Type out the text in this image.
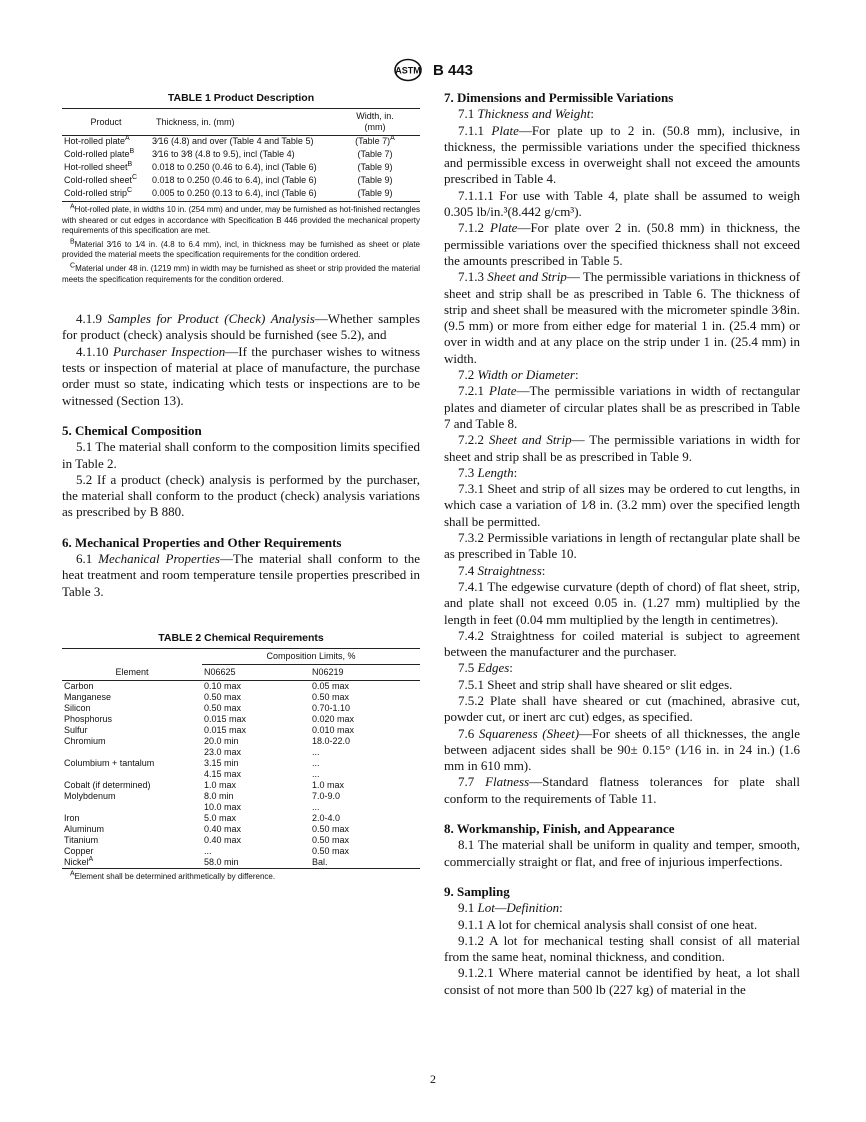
ASTM B 443
TABLE 1 Product Description
Product	Thickness, in. (mm)	Width, in.
(mm)
Hot-rolled plate$^A$	3⁄16 (4.8) and over (Table 4 and Table 5)	(Table 7)$^A$
Cold-rolled plate$^B$	3⁄16 to 3⁄8 (4.8 to 9.5), incl (Table 4)	(Table 7)
Hot-rolled sheet$^B$	0.018 to 0.250 (0.46 to 6.4), incl (Table 6)	(Table 9)
Cold-rolled sheet$^C$	0.018 to 0.250 (0.46 to 6.4), incl (Table 6)	(Table 9)
Cold-rolled strip$^C$	0.005 to 0.250 (0.13 to 6.4), incl (Table 6)	(Table 9)

$^A$Hot-rolled plate, in widths 10 in. (254 mm) and under, may be furnished as hot-finished rectangles with sheared or cut edges in accordance with Specification B 446 provided the mechanical property requirements of this specification are met.

$^B$Material 3⁄16 to 1⁄4 in. (4.8 to 6.4 mm), incl, in thickness may be furnished as sheet or plate provided the material meets the specification requirements for the condition ordered.

$^C$Material under 48 in. (1219 mm) in width may be furnished as sheet or strip provided the material meets the specification requirements for the condition ordered.

4.1.9 Samples for Product (Check) Analysis—Whether samples for product (check) analysis should be furnished (see 5.2), and

4.1.10 Purchaser Inspection—If the purchaser wishes to witness tests or inspection of material at place of manufacture, the purchase order must so state, indicating which tests or inspections are to be witnessed (Section 13).

5. Chemical Composition

5.1 The material shall conform to the composition limits specified in Table 2.

5.2 If a product (check) analysis is performed by the purchaser, the material shall conform to the product (check) analysis variations as prescribed by B 880.

6. Mechanical Properties and Other Requirements

6.1 Mechanical Properties—The material shall conform to the heat treatment and room temperature tensile properties prescribed in Table 3.

TABLE 2 Chemical Requirements
Element	Composition Limits, %	
	N06625	N06219
Carbon	0.10 max	0.05 max
Manganese	0.50 max	0.50 max
Silicon	0.50 max	0.70-1.10
Phosphorus	0.015 max	0.020 max
Sulfur	0.015 max	0.010 max
Chromium	20.0 min	18.0-22.0
	23.0 max	...
Columbium + tantalum	3.15 min	...
	4.15 max	...
Cobalt (if determined)	1.0 max	1.0 max
Molybdenum	8.0 min	7.0-9.0
	10.0 max	...
Iron	5.0 max	2.0-4.0
Aluminum	0.40 max	0.50 max
Titanium	0.40 max	0.50 max
Copper	...	0.50 max
Nickel$^A$	58.0 min	Bal.

$^A$Element shall be determined arithmetically by difference.

7. Dimensions and Permissible Variations

7.1 Thickness and Weight:

7.1.1 Plate—For plate up to 2 in. (50.8 mm), inclusive, in thickness, the permissible variations under the specified thickness and permissible excess in overweight shall not exceed the amounts prescribed in Table 4.

7.1.1.1 For use with Table 4, plate shall be assumed to weigh 0.305 lb/in.³(8.442 g/cm³).

7.1.2 Plate—For plate over 2 in. (50.8 mm) in thickness, the permissible variations over the specified thickness shall not exceed the amounts prescribed in Table 5.

7.1.3 Sheet and Strip— The permissible variations in thickness of sheet and strip shall be as prescribed in Table 6. The thickness of strip and sheet shall be measured with the micrometer spindle 3⁄8in. (9.5 mm) or more from either edge for material 1 in. (25.4 mm) or over in width and at any place on the strip under 1 in. (25.4 mm) in width.

7.2 Width or Diameter:

7.2.1 Plate—The permissible variations in width of rectangular plates and diameter of circular plates shall be as prescribed in Table 7 and Table 8.

7.2.2 Sheet and Strip— The permissible variations in width for sheet and strip shall be as prescribed in Table 9.

7.3 Length:

7.3.1 Sheet and strip of all sizes may be ordered to cut lengths, in which case a variation of 1⁄8 in. (3.2 mm) over the specified length shall be permitted.

7.3.2 Permissible variations in length of rectangular plate shall be as prescribed in Table 10.

7.4 Straightness:

7.4.1 The edgewise curvature (depth of chord) of flat sheet, strip, and plate shall not exceed 0.05 in. (1.27 mm) multiplied by the length in feet (0.04 mm multiplied by the length in centimetres).

7.4.2 Straightness for coiled material is subject to agreement between the manufacturer and the purchaser.

7.5 Edges:

7.5.1 Sheet and strip shall have sheared or slit edges.

7.5.2 Plate shall have sheared or cut (machined, abrasive cut, powder cut, or inert arc cut) edges, as specified.

7.6 Squareness (Sheet)—For sheets of all thicknesses, the angle between adjacent sides shall be 90± 0.15° (1⁄16 in. in 24 in.) (1.6 mm in 610 mm).

7.7 Flatness—Standard flatness tolerances for plate shall conform to the requirements of Table 11.

8. Workmanship, Finish, and Appearance

8.1 The material shall be uniform in quality and temper, smooth, commercially straight or flat, and free of injurious imperfections.

9. Sampling

9.1 Lot—Definition:

9.1.1 A lot for chemical analysis shall consist of one heat.

9.1.2 A lot for mechanical testing shall consist of all material from the same heat, nominal thickness, and condition.

9.1.2.1 Where material cannot be identified by heat, a lot shall consist of not more than 500 lb (227 kg) of material in the

2
